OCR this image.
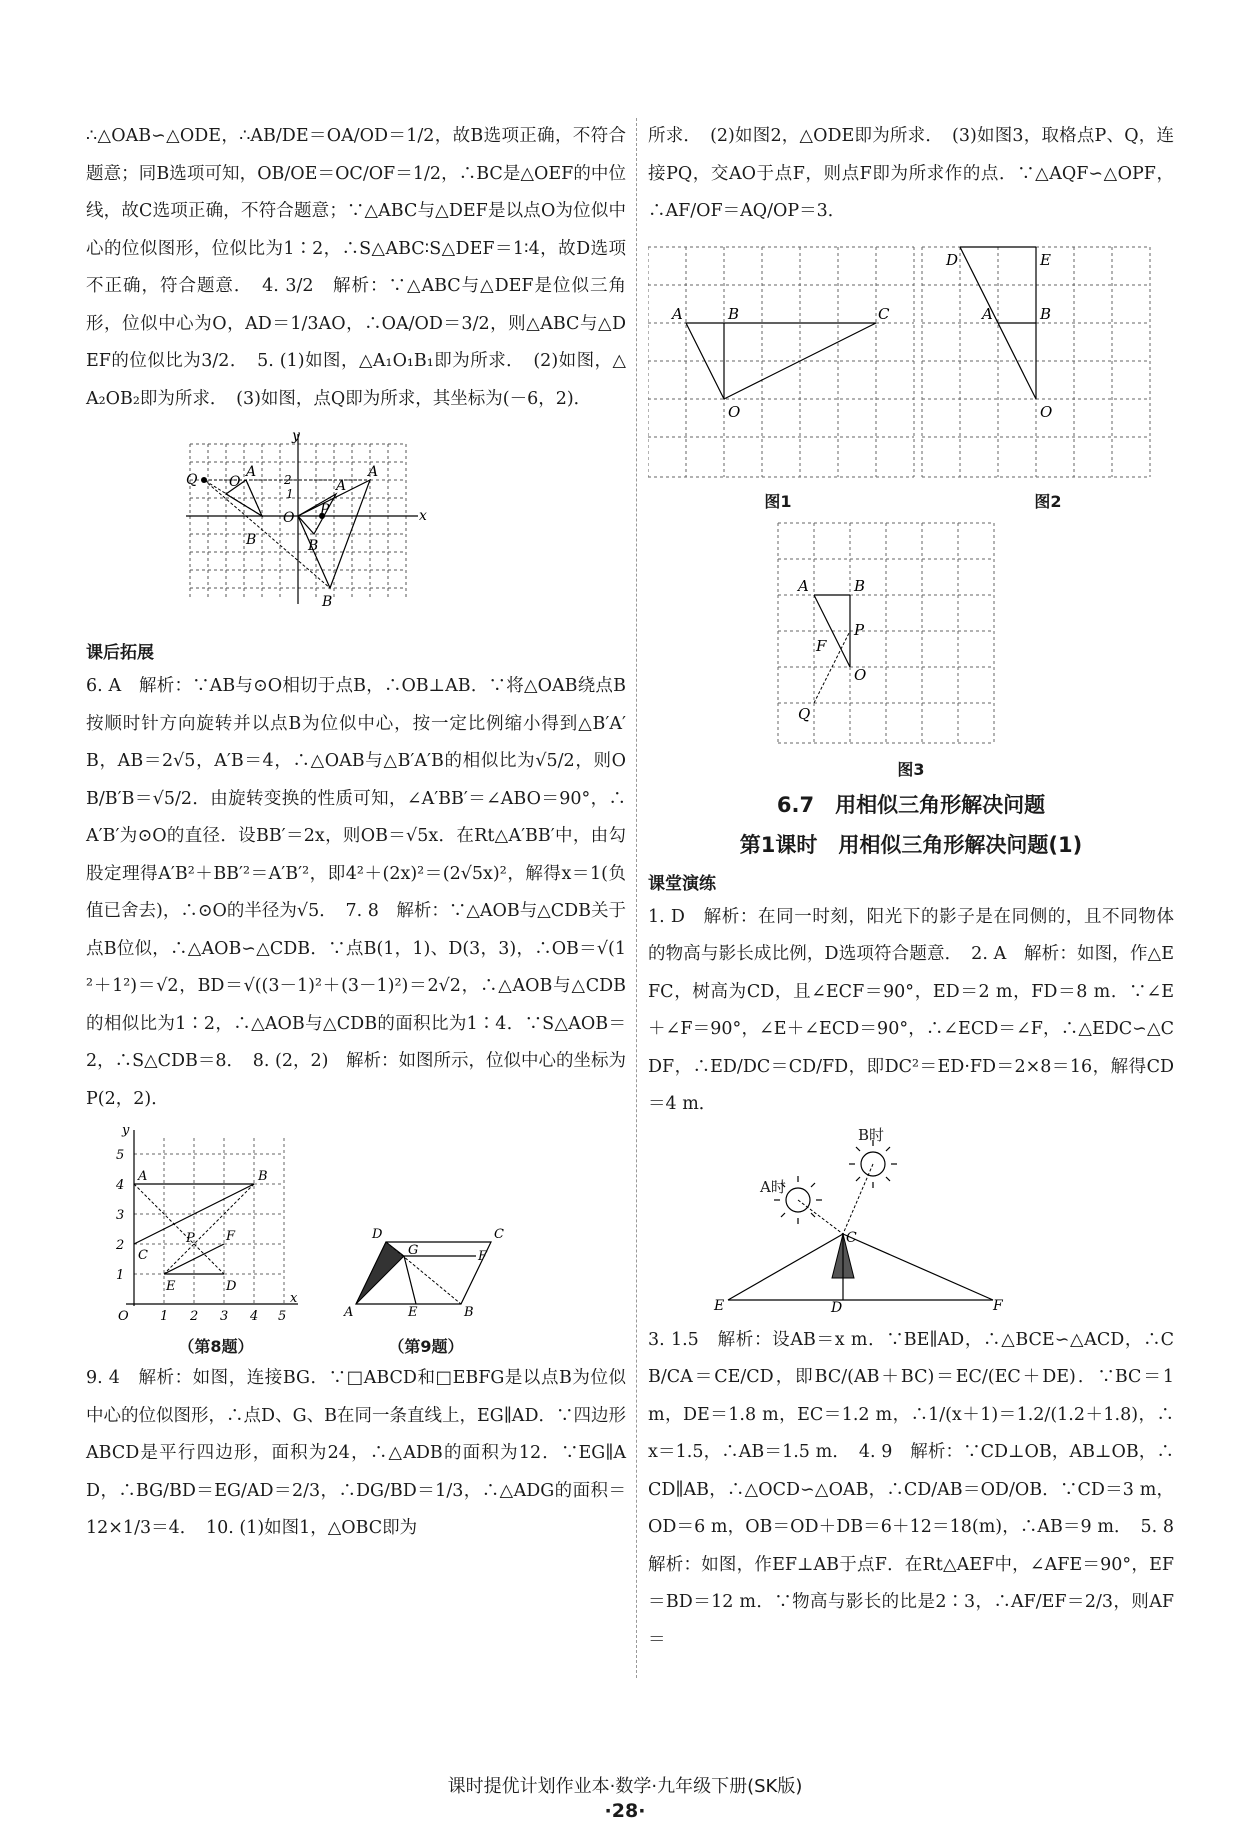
∴△OAB∽△ODE，∴AB/DE＝OA/OD＝1/2，故B选项正确，不符合题意；同B选项可知，OB/OE＝OC/OF＝1/2，∴BC是△OEF的中位线，故C选项正确，不符合题意；∵△ABC与△DEF是以点O为位似中心的位似图形，位似比为1∶2，∴S△ABC∶S△DEF＝1∶4，故D选项不正确，符合题意．　4. 3/2　解析：∵△ABC与△DEF是位似三角形，位似中心为O，AD＝1/3AO，∴OA/OD＝3/2，则△ABC与△DEF的位似比为3/2．　5. (1)如图，△A₁O₁B₁即为所求．　(2)如图，△A₂OB₂即为所求．　(3)如图，点Q即为所求，其坐标为(－6，2)．

y
x
Q O
A 2
1
O P
A
A
B	B
B

课后拓展

6. A　解析：∵AB与⊙O相切于点B，∴OB⊥AB．∵将△OAB绕点B按顺时针方向旋转并以点B为位似中心，按一定比例缩小得到△B′A′B，AB＝2√5，A′B＝4，∴△OAB与△B′A′B的相似比为√5/2，则OB/B′B＝√5/2．由旋转变换的性质可知，∠A′BB′＝∠ABO＝90°，∴A′B′为⊙O的直径．设BB′＝2x，则OB＝√5x．在Rt△A′BB′中，由勾股定理得A′B²＋BB′²＝A′B′²，即4²＋(2x)²＝(2√5x)²，解得x＝1(负值已舍去)，∴⊙O的半径为√5．　7. 8　解析：∵△AOB与△CDB关于点B位似，∴△AOB∽△CDB．∵点B(1，1)、D(3，3)，∴OB＝√(1²＋1²)＝√2，BD＝√((3－1)²＋(3－1)²)＝2√2，∴△AOB与△CDB的相似比为1∶2，∴△AOB与△CDB的面积比为1∶4．∵S△AOB＝2，∴S△CDB＝8．　8. (2，2)　解析：如图所示，位似中心的坐标为P(2，2)．

y
x
O
5
4
3
2
1
1 2 3 4 5
A	B
C
P F
E	D
D	C
G	F
A	E	B
（第8题）	（第9题）

9. 4　解析：如图，连接BG．∵□ABCD和□EBFG是以点B为位似中心的位似图形，∴点D、G、B在同一条直线上，EG∥AD．∵四边形ABCD是平行四边形，面积为24，∴△ADB的面积为12．∵EG∥AD，∴BG/BD＝EG/AD＝2/3，∴DG/BD＝1/3，∴△ADG的面积＝12×1/3＝4．　10. (1)如图1，△OBC即为

所求．　(2)如图2，△ODE即为所求．　(3)如图3，取格点P、Q，连接PQ，交AO于点F，则点F即为所求作的点．∵△AQF∽△OPF，∴AF/OF＝AQ/OP＝3．

A	B	C
O
D	E
A	B
O
图1	图2
A	B
P
F
O
Q
图3

6.7　用相似三角形解决问题

第1课时　用相似三角形解决问题(1)

课堂演练

1. D　解析：在同一时刻，阳光下的影子是在同侧的，且不同物体的物高与影长成比例，D选项符合题意．　2. A　解析：如图，作△EFC，树高为CD，且∠ECF＝90°，ED＝2 m，FD＝8 m．∵∠E＋∠F＝90°，∠E＋∠ECD＝90°，∴∠ECD＝∠F，∴△EDC∽△CDF，∴ED/DC＝CD/FD，即DC²＝ED·FD＝2×8＝16，解得CD＝4 m．

E	D
C
F
A时
B时

3. 1.5　解析：设AB＝x m．∵BE∥AD，∴△BCE∽△ACD，∴CB/CA＝CE/CD，即BC/(AB＋BC)＝EC/(EC＋DE)．∵BC＝1 m，DE＝1.8 m，EC＝1.2 m，∴1/(x＋1)＝1.2/(1.2＋1.8)，∴x＝1.5，∴AB＝1.5 m．　4. 9　解析：∵CD⊥OB，AB⊥OB，∴CD∥AB，∴△OCD∽△OAB，∴CD/AB＝OD/OB．∵CD＝3 m，OD＝6 m，OB＝OD＋DB＝6＋12＝18(m)，∴AB＝9 m．　5. 8　解析：如图，作EF⊥AB于点F．在Rt△AEF中，∠AFE＝90°，EF＝BD＝12 m．∵物高与影长的比是2∶3，∴AF/EF＝2/3，则AF＝

课时提优计划作业本·数学·九年级下册(SK版)
·28·
